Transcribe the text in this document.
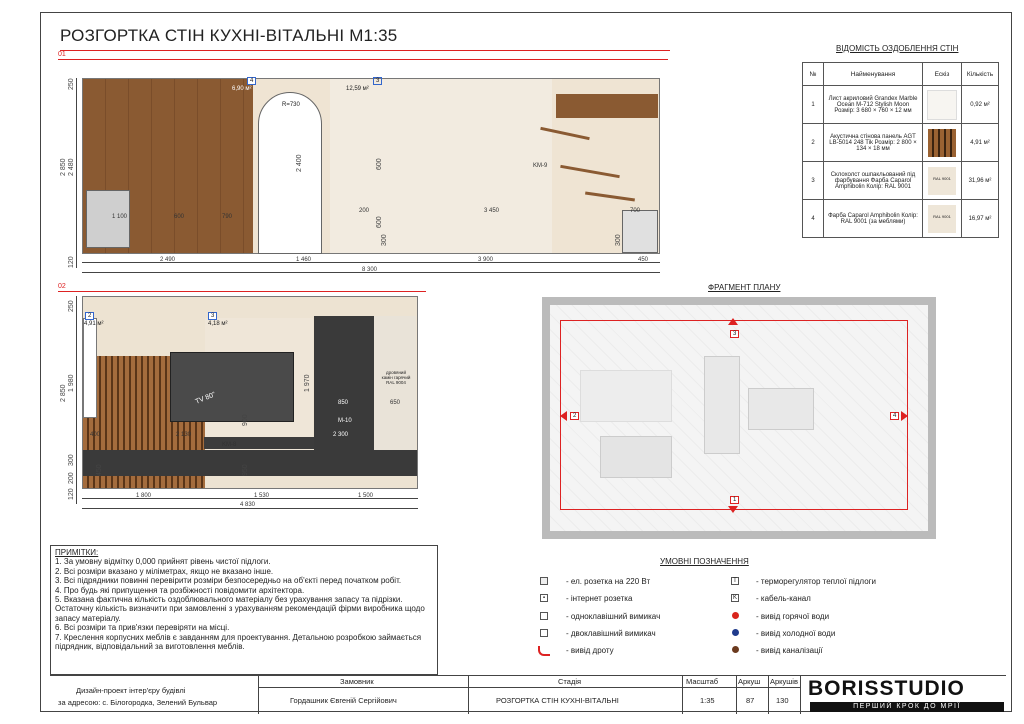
РОЗГОРТКА СТІН КУХНІ-ВІТАЛЬНІ М1:35
01
4
6,90 м²
3
12,59 м²
R=730
1 100	600	790
200	3 450	700
KM-9
2 400	600
600
300	300
2 850
250
2 480
120	2 490	1 460	3 900	450
8 300
02
2
4,91 м²
3
4,18 м²
TV 80"	850	650
M-10
2 300
KM-8
2 130
400
дровяний
камін гарячий
RAL 9004
1 970
900
950
450
2 850
250
1 980
300
200
120	1 800	1 530	1 500
4 830
ВІДОМІСТЬ ОЗДОБЛЕННЯ СТІН
№	Найменування	Ескіз	Кількість
1	Лист акриловий Grandex Marble Ocean M-712 Stylish Moon Розмір: 3 680 × 760 × 12 мм		0,92 м²
2	Акустична стінова панель AGT LB-5014 248 Tik Розмір: 2 800 × 134 × 18 мм		4,91 м²
3	Склохолст ошпакльований під фарбування Фарба Caparol Amphibolin Колір: RAL 9001	RAL 9001	31,96 м²
4	Фарба Caparol Amphibolin Колір: RAL 9001 (за меблями)	RAL 9001	16,97 м²
ФРАГМЕНТ ПЛАНУ
3
2	4
1
ПРИМІТКИ:
1. За умовну відмітку 0,000 прийнят рівень чистої підлоги.
2. Всі розміри вказано у міліметрах, якщо не вказано інше.
3. Всі підрядники повинні перевірити розміри безпосередньо на об'єкті перед початком робіт.
4. Про будь які припущення та розбіжності повідомити архітектора.
5. Вказана фактична кількість оздоблювального матеріалу без урахування запасу та підрізки.
Остаточну кількість визначити при замовленні з урахуванням рекомендацій фірми виробника щодо запасу матеріалу.
6. Всі розміри та прив'язки перевіряти на місці.
7. Креслення корпусних меблів є завданням для проектування. Детальною розробкою займається підрядник, відповідальний за виготовлення меблів.
УМОВНІ ПОЗНАЧЕННЯ
- ел. розетка на 220 Вт
▪	- інтернет розетка
- одноклавішний вимикач
- двоклавішний вимикач
- вивід дроту
T - терморегулятор теплої підлоги
K - кабель-канал
- вивід горячої води
- вивід холодної води
- вивід каналізації
Дизайн-проект інтер'єру будівлі
за адресою: с. Білогородка, Зелений Бульвар
Замовник
Гордашник Євгеній Сергійович
Стадія
РОЗГОРТКА СТІН КУХНІ-ВІТАЛЬНІ
Масштаб
1:35
Аркуш
87
Аркушів
130
BORISSTUDIO
ПЕРШИЙ КРОК ДО МРІЇ
